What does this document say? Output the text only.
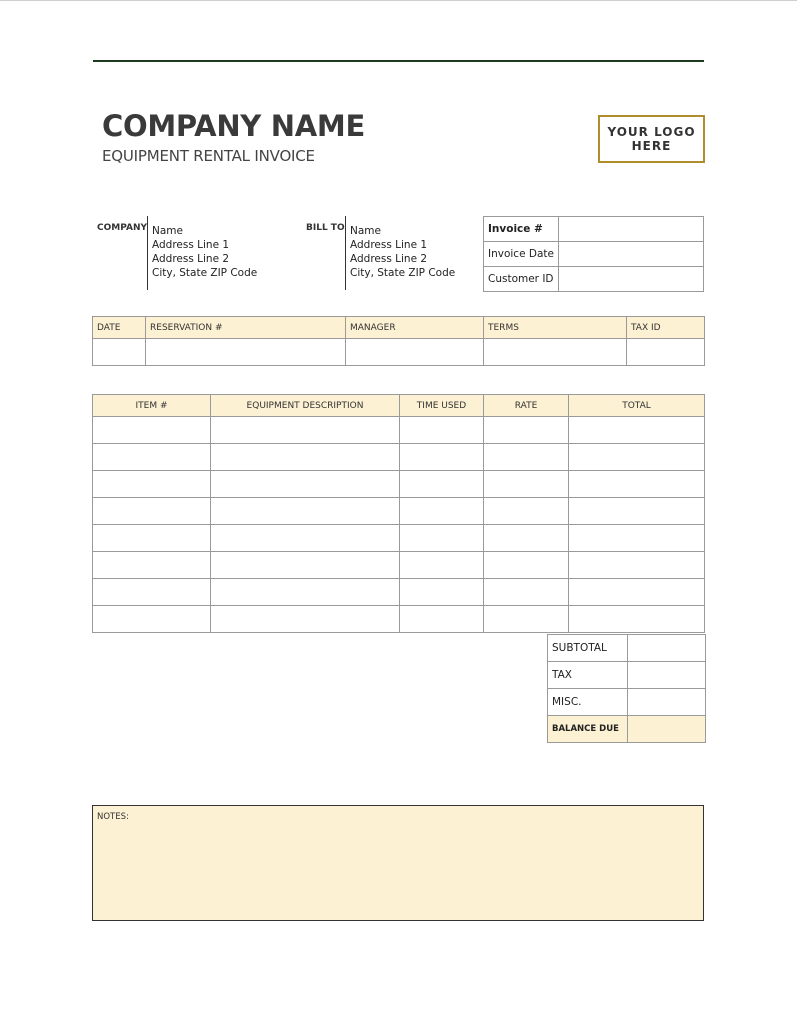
COMPANY NAME
EQUIPMENT RENTAL INVOICE
YOUR LOGO
HERE
COMPANY Name
Address Line 1
Address Line 2
City, State ZIP Code
BILL TO Name
Address Line 1
Address Line 2
City, State ZIP Code
Invoice #	
Invoice Date	
Customer ID	
DATE	RESERVATION #	MANAGER	TERMS	TAX ID

ITEM #	EQUIPMENT DESCRIPTION	TIME USED	RATE	TOTAL

SUBTOTAL	
TAX	
MISC.	
BALANCE DUE	
NOTES:
